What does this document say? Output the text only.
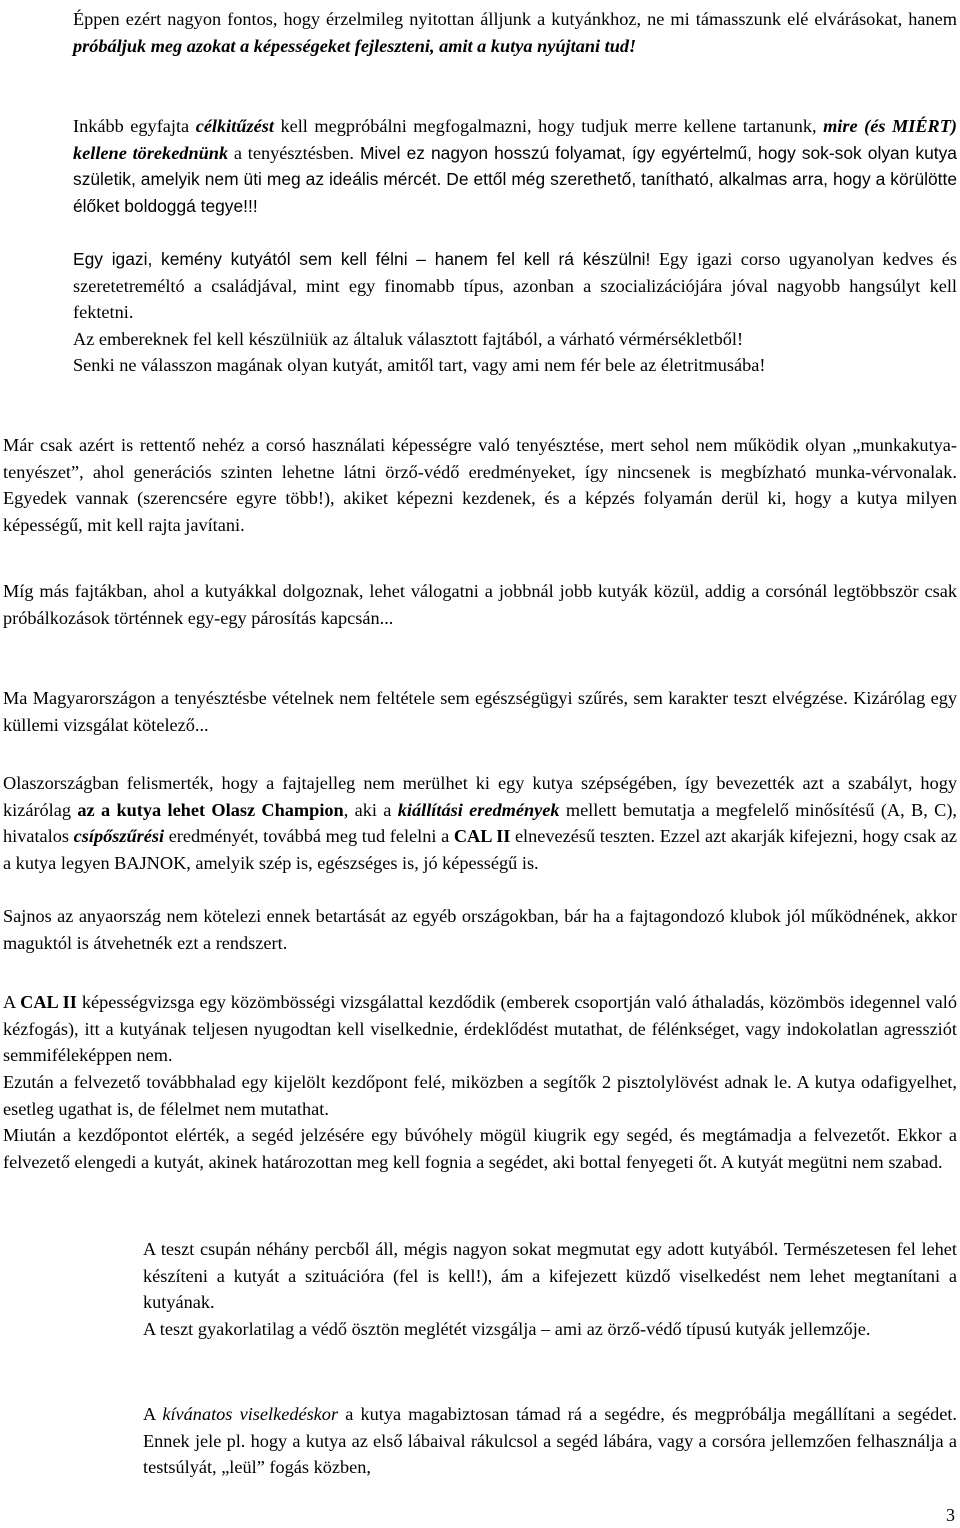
Éppen ezért nagyon fontos, hogy érzelmileg nyitottan álljunk a kutyánkhoz, ne mi támasszunk elé elvárásokat, hanem próbáljuk meg azokat a képességeket fejleszteni, amit a kutya nyújtani tud!

Inkább egyfajta célkitűzést kell megpróbálni megfogalmazni, hogy tudjuk merre kellene tartanunk, mire (és MIÉRT) kellene törekednünk a tenyésztésben. Mivel ez nagyon hosszú folyamat, így egyértelmű, hogy sok-sok olyan kutya születik, amelyik nem üti meg az ideális mércét. De ettől még szerethető, tanítható, alkalmas arra, hogy a körülötte élőket boldoggá tegye!!!

Egy igazi, kemény kutyától sem kell félni – hanem fel kell rá készülni! Egy igazi corso ugyanolyan kedves és szeretetreméltó a családjával, mint egy finomabb típus, azonban a szocializációjára jóval nagyobb hangsúlyt kell fektetni.

Az embereknek fel kell készülniük az általuk választott fajtából, a várható vérmérsékletből!

Senki ne válasszon magának olyan kutyát, amitől tart, vagy ami nem fér bele az életritmusába!

Már csak azért is rettentő nehéz a corsó használati képességre való tenyésztése, mert sehol nem működik olyan „munkakutya-tenyészet”, ahol generációs szinten lehetne látni örző-védő eredményeket, így nincsenek is megbízható munka-vérvonalak. Egyedek vannak (szerencsére egyre több!), akiket képezni kezdenek, és a képzés folyamán derül ki, hogy a kutya milyen képességű, mit kell rajta javítani.

Míg más fajtákban, ahol a kutyákkal dolgoznak, lehet válogatni a jobbnál jobb kutyák közül, addig a corsónál legtöbbször csak próbálkozások történnek egy-egy párosítás kapcsán...

Ma Magyarországon a tenyésztésbe vételnek nem feltétele sem egészségügyi szűrés, sem karakter teszt elvégzése. Kizárólag egy küllemi vizsgálat kötelező...

Olaszországban felismerték, hogy a fajtajelleg nem merülhet ki egy kutya szépségében, így bevezették azt a szabályt, hogy kizárólag az a kutya lehet Olasz Champion, aki a kiállítási eredmények mellett bemutatja a megfelelő minősítésű (A, B, C), hivatalos csípőszűrési eredményét, továbbá meg tud felelni a CAL II elnevezésű teszten. Ezzel azt akarják kifejezni, hogy csak az a kutya legyen BAJNOK, amelyik szép is, egészséges is, jó képességű is.

Sajnos az anyaország nem kötelezi ennek betartását az egyéb országokban, bár ha a fajtagondozó klubok jól működnének, akkor maguktól is átvehetnék ezt a rendszert.

A CAL II képességvizsga egy közömbösségi vizsgálattal kezdődik (emberek csoportján való áthaladás, közömbös idegennel való kézfogás), itt a kutyának teljesen nyugodtan kell viselkednie, érdeklődést mutathat, de félénkséget, vagy indokolatlan agressziót semmiféleképpen nem.

Ezután a felvezető továbbhalad egy kijelölt kezdőpont felé, miközben a segítők 2 pisztolylövést adnak le. A kutya odafigyelhet, esetleg ugathat is, de félelmet nem mutathat.

Miután a kezdőpontot elérték, a segéd jelzésére egy búvóhely mögül kiugrik egy segéd, és megtámadja a felvezetőt. Ekkor a felvezető elengedi a kutyát, akinek határozottan meg kell fognia a segédet, aki bottal fenyegeti őt. A kutyát megütni nem szabad.

A teszt csupán néhány percből áll, mégis nagyon sokat megmutat egy adott kutyából. Természetesen fel lehet készíteni a kutyát a szituációra (fel is kell!), ám a kifejezett küzdő viselkedést nem lehet megtanítani a kutyának.

A teszt gyakorlatilag a védő ösztön meglétét vizsgálja – ami az örző-védő típusú kutyák jellemzője.

A kívánatos viselkedéskor a kutya magabiztosan támad rá a segédre, és megpróbálja megállítani a segédet. Ennek jele pl. hogy a kutya az első lábaival rákulcsol a segéd lábára, vagy a corsóra jellemzően felhasználja a testsúlyát, „leül” fogás közben,

3
